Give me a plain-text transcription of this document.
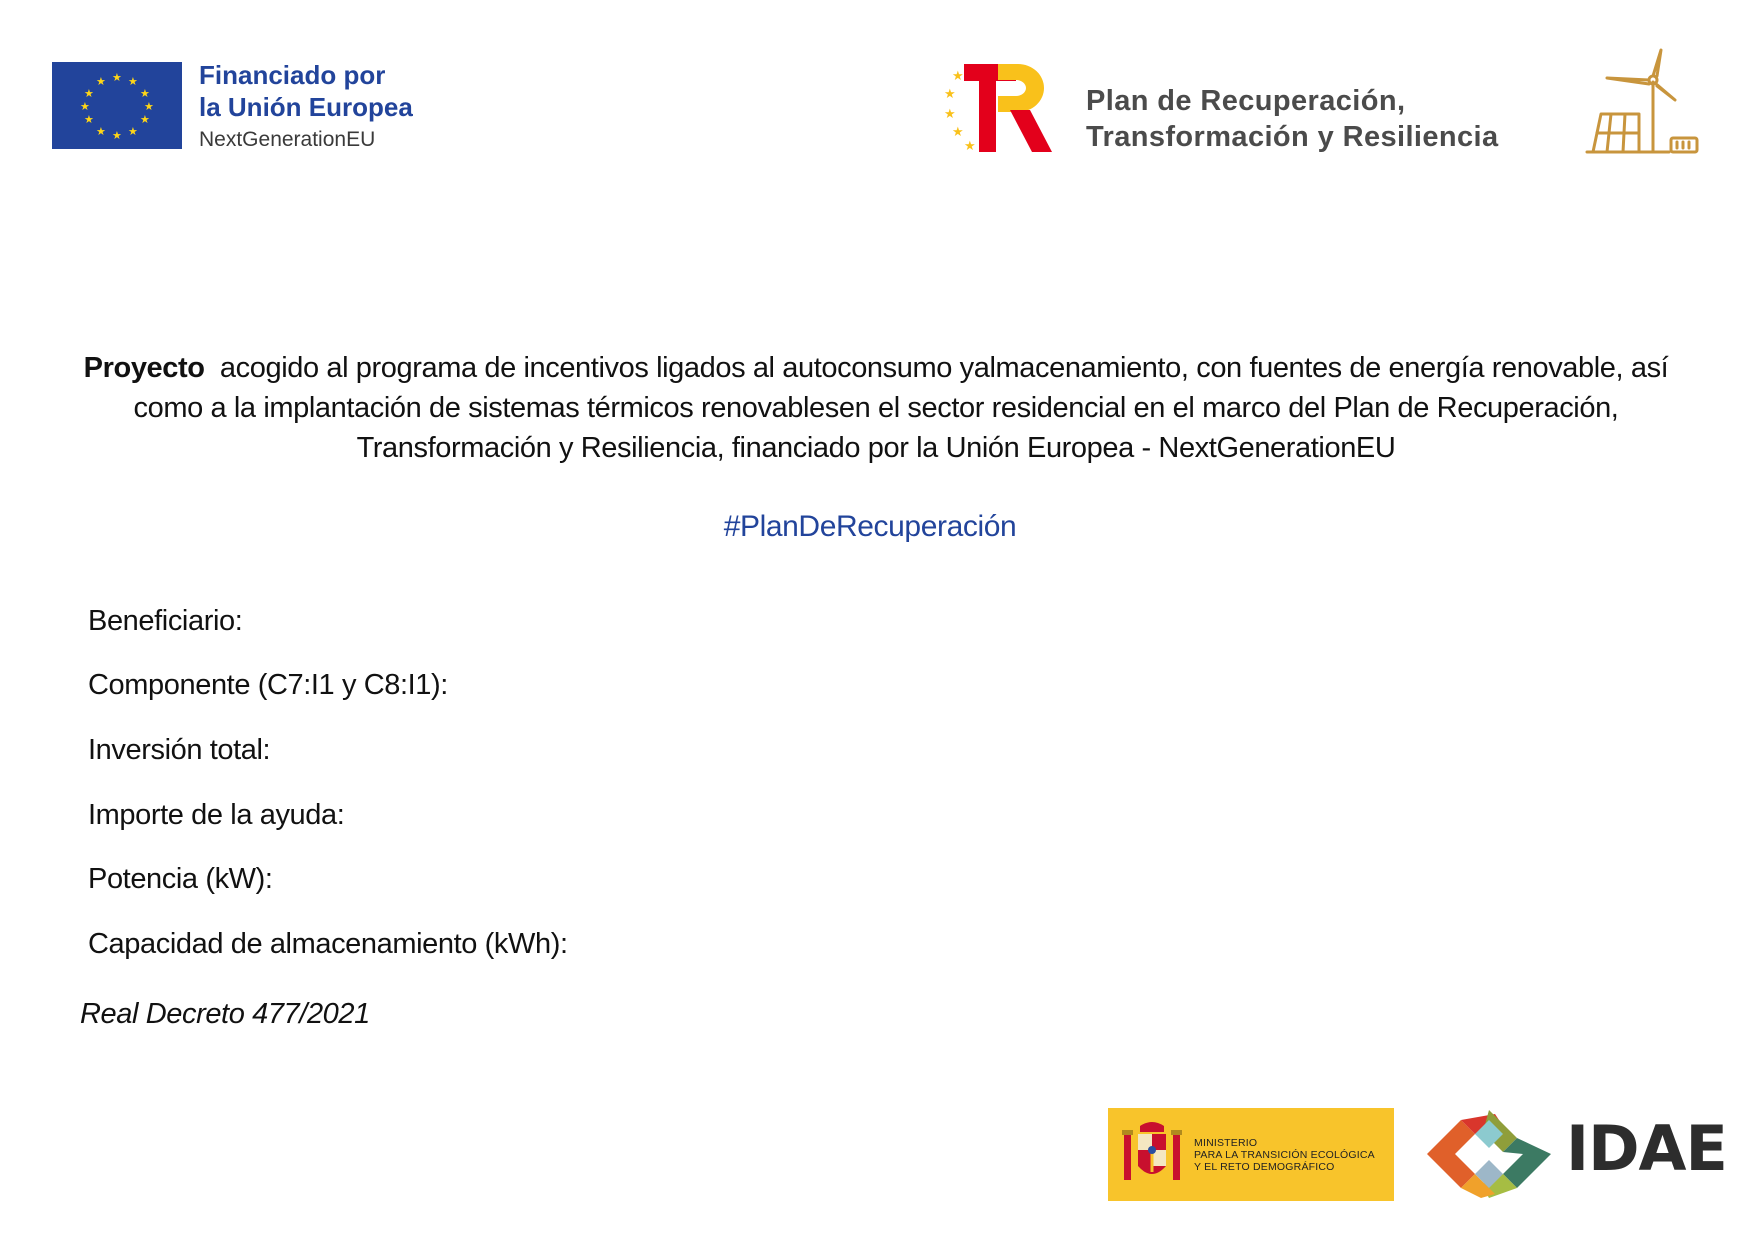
★ ★
★
★
★
★
★
★
★
★
★
★	Financiado por
la Unión Europea
NextGenerationEU
★
★
★
★
★
Plan de Recuperación,
Transformación y Resiliencia
Proyecto acogido al programa de incentivos ligados al autoconsumo yalmacenamiento, con fuentes de energía renovable, así como a la implantación de sistemas térmicos renovablesen el sector residencial en el marco del Plan de Recuperación, Transformación y Resiliencia, financiado por la Unión Europea - NextGenerationEU
#PlanDeRecuperación
Beneficiario:
Componente (C7:I1 y C8:I1):
Inversión total:
Importe de la ayuda:
Potencia (kW):
Capacidad de almacenamiento (kWh):
Real Decreto 477/2021
MINISTERIO
PARA LA TRANSICIÓN ECOLÓGICA
Y EL RETO DEMOGRÁFICO	IDAE
